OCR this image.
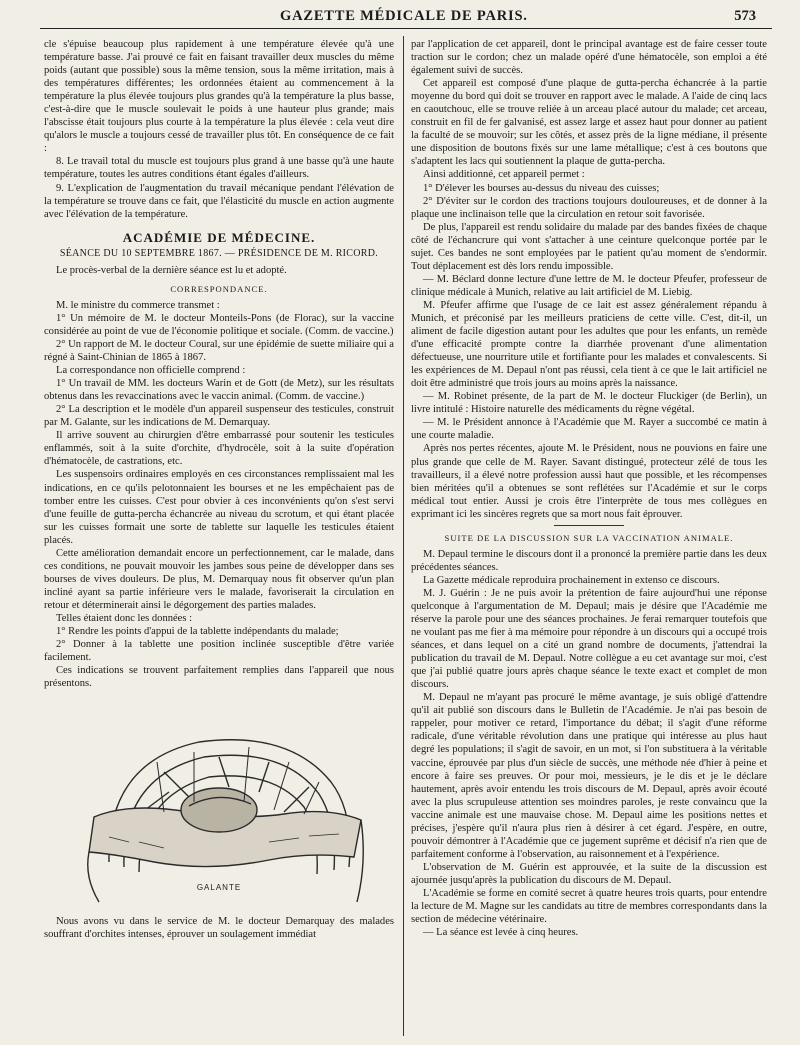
GAZETTE MÉDICALE DE PARIS.	573

cle s'épuise beaucoup plus rapidement à une température élevée qu'à une température basse. J'ai prouvé ce fait en faisant travailler deux muscles du même poids (autant que possible) sous la même tension, sous la même irritation, mais à des températures différentes; les ordonnées étaient au commencement à la température la plus élevée toujours plus grandes qu'à la température la plus basse, c'est-à-dire que le muscle soulevait le poids à une hauteur plus grande; mais l'abscisse était toujours plus courte à la température la plus élevée : cela veut dire qu'alors le muscle a toujours cessé de travailler plus tôt. En conséquence de ce fait :

8. Le travail total du muscle est toujours plus grand à une basse qu'à une haute température, toutes les autres conditions étant égales d'ailleurs.

9. L'explication de l'augmentation du travail mécanique pendant l'élévation de la température se trouve dans ce fait, que l'élasticité du muscle en action augmente avec l'élévation de la température.

ACADÉMIE DE MÉDECINE.
SÉANCE DU 10 SEPTEMBRE 1867. — PRÉSIDENCE DE M. RICORD.

Le procès-verbal de la dernière séance est lu et adopté.

CORRESPONDANCE.

M. le ministre du commerce transmet :

1° Un mémoire de M. le docteur Monteils-Pons (de Florac), sur la vaccine considérée au point de vue de l'économie politique et sociale. (Comm. de vaccine.)

2° Un rapport de M. le docteur Coural, sur une épidémie de suette miliaire qui a régné à Saint-Chinian de 1865 à 1867.

La correspondance non officielle comprend :

1° Un travail de MM. les docteurs Warin et de Gott (de Metz), sur les résultats obtenus dans les revaccinations avec le vaccin animal. (Comm. de vaccine.)

2° La description et le modèle d'un appareil suspenseur des testicules, construit par M. Galante, sur les indications de M. Demarquay.

Il arrive souvent au chirurgien d'être embarrassé pour soutenir les testicules enflammés, soit à la suite d'orchite, d'hydrocèle, soit à la suite d'opération d'hématocèle, de castrations, etc.

Les suspensoirs ordinaires employés en ces circonstances remplissaient mal les indications, en ce qu'ils pelotonnaient les bourses et ne les empêchaient pas de tomber entre les cuisses. C'est pour obvier à ces inconvénients qu'on s'est servi d'une feuille de gutta-percha échancrée au niveau du scrotum, et qui étant placée sur les cuisses formait une sorte de tablette sur laquelle les testicules étaient placés.

Cette amélioration demandait encore un perfectionnement, car le malade, dans ces conditions, ne pouvait mouvoir les jambes sous peine de développer dans ses bourses de vives douleurs. De plus, M. Demarquay nous fit observer qu'un plan incliné ayant sa partie inférieure vers le malade, favoriserait la circulation en retour et déterminerait ainsi le dégorgement des parties malades.

Telles étaient donc les données :

1° Rendre les points d'appui de la tablette indépendants du malade;

2° Donner à la tablette une position inclinée susceptible d'être variée facilement.

Ces indications se trouvent parfaitement remplies dans l'appareil que nous présentons.

GALANTE

Nous avons vu dans le service de M. le docteur Demarquay des malades souffrant d'orchites intenses, éprouver un soulagement immédiat

par l'application de cet appareil, dont le principal avantage est de faire cesser toute traction sur le cordon; chez un malade opéré d'une hématocèle, son emploi a été également suivi de succès.

Cet appareil est composé d'une plaque de gutta-percha échancrée à la partie moyenne du bord qui doit se trouver en rapport avec le malade. A l'aide de cinq lacs en caoutchouc, elle se trouve reliée à un arceau placé autour du malade; cet arceau, construit en fil de fer galvanisé, est assez large et assez haut pour donner au patient la faculté de se mouvoir; sur les côtés, et assez près de la ligne médiane, il présente une disposition de boutons fixés sur une lame métallique; c'est à ces boutons que s'adaptent les lacs qui soutiennent la plaque de gutta-percha.

Ainsi additionné, cet appareil permet :

1° D'élever les bourses au-dessus du niveau des cuisses;

2° D'éviter sur le cordon des tractions toujours douloureuses, et de donner à la plaque une inclinaison telle que la circulation en retour soit favorisée.

De plus, l'appareil est rendu solidaire du malade par des bandes fixées de chaque côté de l'échancrure qui vont s'attacher à une ceinture quelconque portée par le sujet. Ces bandes ne sont employées par le patient qu'au moment de s'endormir. Tout déplacement est dès lors rendu impossible.

— M. Béclard donne lecture d'une lettre de M. le docteur Pfeufer, professeur de clinique médicale à Munich, relative au lait artificiel de M. Liebig.

M. Pfeufer affirme que l'usage de ce lait est assez généralement répandu à Munich, et préconisé par les meilleurs praticiens de cette ville. C'est, dit-il, un aliment de facile digestion autant pour les adultes que pour les enfants, un remède d'une efficacité prompte contre la diarrhée provenant d'une alimentation défectueuse, une nourriture utile et fortifiante pour les malades et convalescents. Si les expériences de M. Depaul n'ont pas réussi, cela tient à ce que le lait artificiel ne doit être administré que trois jours au moins après la naissance.

— M. Robinet présente, de la part de M. le docteur Fluckiger (de Berlin), un livre intitulé : Histoire naturelle des médicaments du règne végétal.

— M. le Président annonce à l'Académie que M. Rayer a succombé ce matin à une courte maladie.

Après nos pertes récentes, ajoute M. le Président, nous ne pouvions en faire une plus grande que celle de M. Rayer. Savant distingué, protecteur zélé de tous les travailleurs, il a élevé notre profession aussi haut que possible, et les récompenses bien méritées qu'il a obtenues se sont reflétées sur l'Académie et sur le corps médical tout entier. Aussi je crois être l'interprète de tous mes collègues en exprimant ici les sincères regrets que sa mort nous fait éprouver.

SUITE DE LA DISCUSSION SUR LA VACCINATION ANIMALE.

M. Depaul termine le discours dont il a prononcé la première partie dans les deux précédentes séances.

La Gazette médicale reproduira prochainement in extenso ce discours.

M. J. Guérin : Je ne puis avoir la prétention de faire aujourd'hui une réponse quelconque à l'argumentation de M. Depaul; mais je désire que l'Académie me réserve la parole pour une des séances prochaines. Je ferai remarquer toutefois que ne voulant pas me fier à ma mémoire pour répondre à un discours qui a occupé trois séances, et dans lequel on a cité un grand nombre de documents, j'attendrai la publication du travail de M. Depaul. Notre collègue a eu cet avantage sur moi, c'est que j'ai publié quatre jours après chaque séance le texte exact et complet de mon discours.

M. Depaul ne m'ayant pas procuré le même avantage, je suis obligé d'attendre qu'il ait publié son discours dans le Bulletin de l'Académie. Je n'ai pas besoin de rappeler, pour motiver ce retard, l'importance du débat; il s'agit d'une réforme radicale, d'une véritable révolution dans une pratique qui intéresse au plus haut degré les populations; il s'agit de savoir, en un mot, si l'on substituera à la véritable vaccine, éprouvée par plus d'un siècle de succès, une méthode née d'hier à peine et encore à faire ses preuves. Or pour moi, messieurs, je le dis et je le déclare hautement, après avoir entendu les trois discours de M. Depaul, après avoir écouté avec la plus scrupuleuse attention ses moindres paroles, je reste convaincu que la vaccine animale est une mauvaise chose. M. Depaul aime les positions nettes et précises, j'espère qu'il n'aura plus rien à désirer à cet égard. J'espère, en outre, pouvoir démontrer à l'Académie que ce jugement suprême et décisif n'a rien que de parfaitement conforme à l'observation, au raisonnement et à l'expérience.

L'observation de M. Guérin est approuvée, et la suite de la discussion est ajournée jusqu'après la publication du discours de M. Depaul.

L'Académie se forme en comité secret à quatre heures trois quarts, pour entendre la lecture de M. Magne sur les candidats au titre de membres correspondants dans la section de médecine vétérinaire.

— La séance est levée à cinq heures.
